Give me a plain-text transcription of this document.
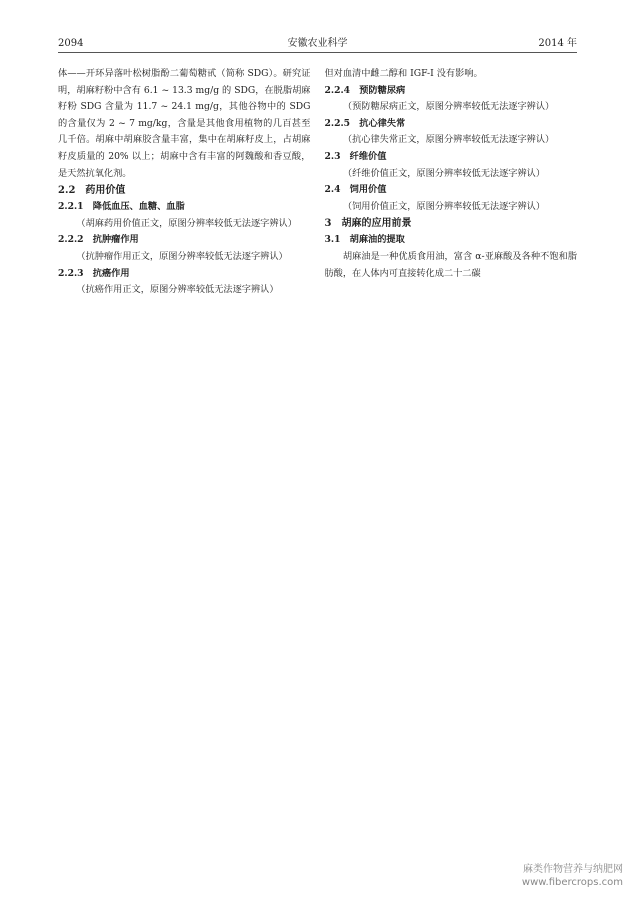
2094	安徽农业科学	2014 年

体——开环异落叶松树脂酚二葡萄糖甙（简称 SDG）。研究证明，胡麻籽粉中含有 6.1 ~ 13.3 mg/g 的 SDG，在脱脂胡麻籽粉 SDG 含量为 11.7 ~ 24.1 mg/g，其他谷物中的 SDG 的含量仅为 2 ~ 7 mg/kg，含量是其他食用植物的几百甚至几千倍。胡麻中胡麻胶含量丰富，集中在胡麻籽皮上，占胡麻籽皮质量的 20% 以上；胡麻中含有丰富的阿魏酸和香豆酸，是天然抗氧化剂。

2.2　药用价值

2.2.1　降低血压、血糖、血脂

（胡麻药用价值正文，原图分辨率较低无法逐字辨认）

2.2.2　抗肿瘤作用

（抗肿瘤作用正文，原图分辨率较低无法逐字辨认）

2.2.3　抗癌作用

（抗癌作用正文，原图分辨率较低无法逐字辨认）

但对血清中雌二醇和 IGF-I 没有影响。

2.2.4　预防糖尿病

（预防糖尿病正文，原图分辨率较低无法逐字辨认）

2.2.5　抗心律失常

（抗心律失常正文，原图分辨率较低无法逐字辨认）

2.3　纤维价值

（纤维价值正文，原图分辨率较低无法逐字辨认）

2.4　饲用价值

（饲用价值正文，原图分辨率较低无法逐字辨认）

3　胡麻的应用前景

3.1　胡麻油的提取

胡麻油是一种优质食用油，富含 α-亚麻酸及各种不饱和脂肪酸，在人体内可直接转化成二十二碳

麻类作物营养与纳肥网
www.fibercrops.com
